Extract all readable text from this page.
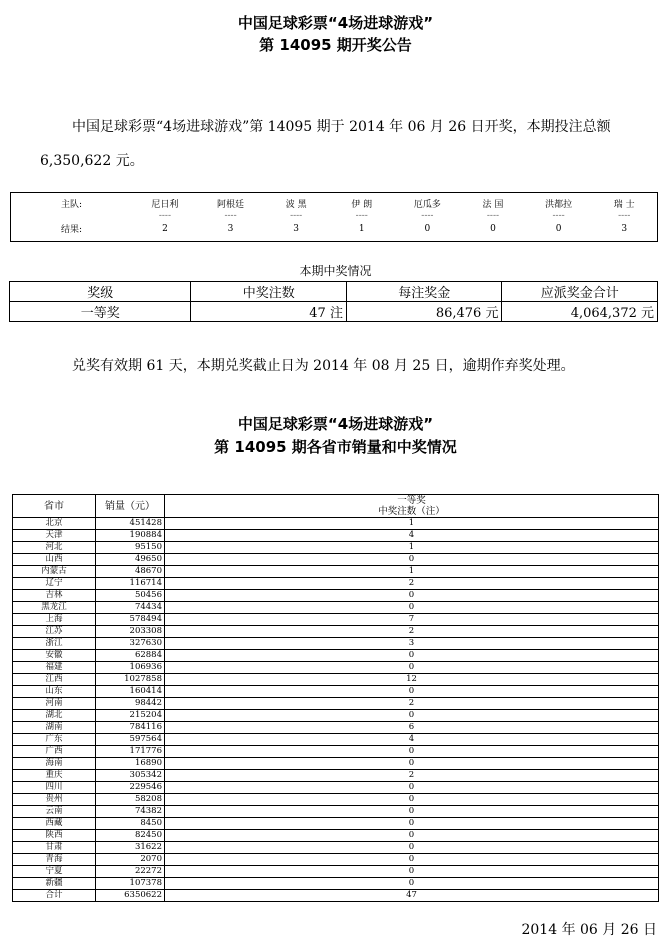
中国足球彩票“4场进球游戏”
第 14095 期开奖公告
中国足球彩票“4场进球游戏”第 14095 期于 2014 年 06 月 26 日开奖，本期投注总额
6,350,622 元。
主队:	尼日利	阿根廷	波 黑	伊 朗	厄瓜多	法 国	洪都拉	瑞 士
	----	----	----	----	----	----	----	----
结果:	2	3	3	1	0	0	0	3
本期中奖情况
奖级	中奖注数	每注奖金	应派奖金合计
一等奖	47 注	86,476 元	4,064,372 元
兑奖有效期 61 天，本期兑奖截止日为 2014 年 08 月 25 日，逾期作弃奖处理。
中国足球彩票“4场进球游戏”
第 14095 期各省市销量和中奖情况
省市	销量（元）	一等奖
		中奖注数（注）
北京	451428	1
天津	190884	4
河北	95150	1
山西	49650	0
内蒙古	48670	1
辽宁	116714	2
吉林	50456	0
黑龙江	74434	0
上海	578494	7
江苏	203308	2
浙江	327630	3
安徽	62884	0
福建	106936	0
江西	1027858	12
山东	160414	0
河南	98442	2
湖北	215204	0
湖南	784116	6
广东	597564	4
广西	171776	0
海南	16890	0
重庆	305342	2
四川	229546	0
贵州	58208	0
云南	74382	0
西藏	8450	0
陕西	82450	0
甘肃	31622	0
青海	2070	0
宁夏	22272	0
新疆	107378	0
合计	6350622	47
2014 年 06 月 26 日
